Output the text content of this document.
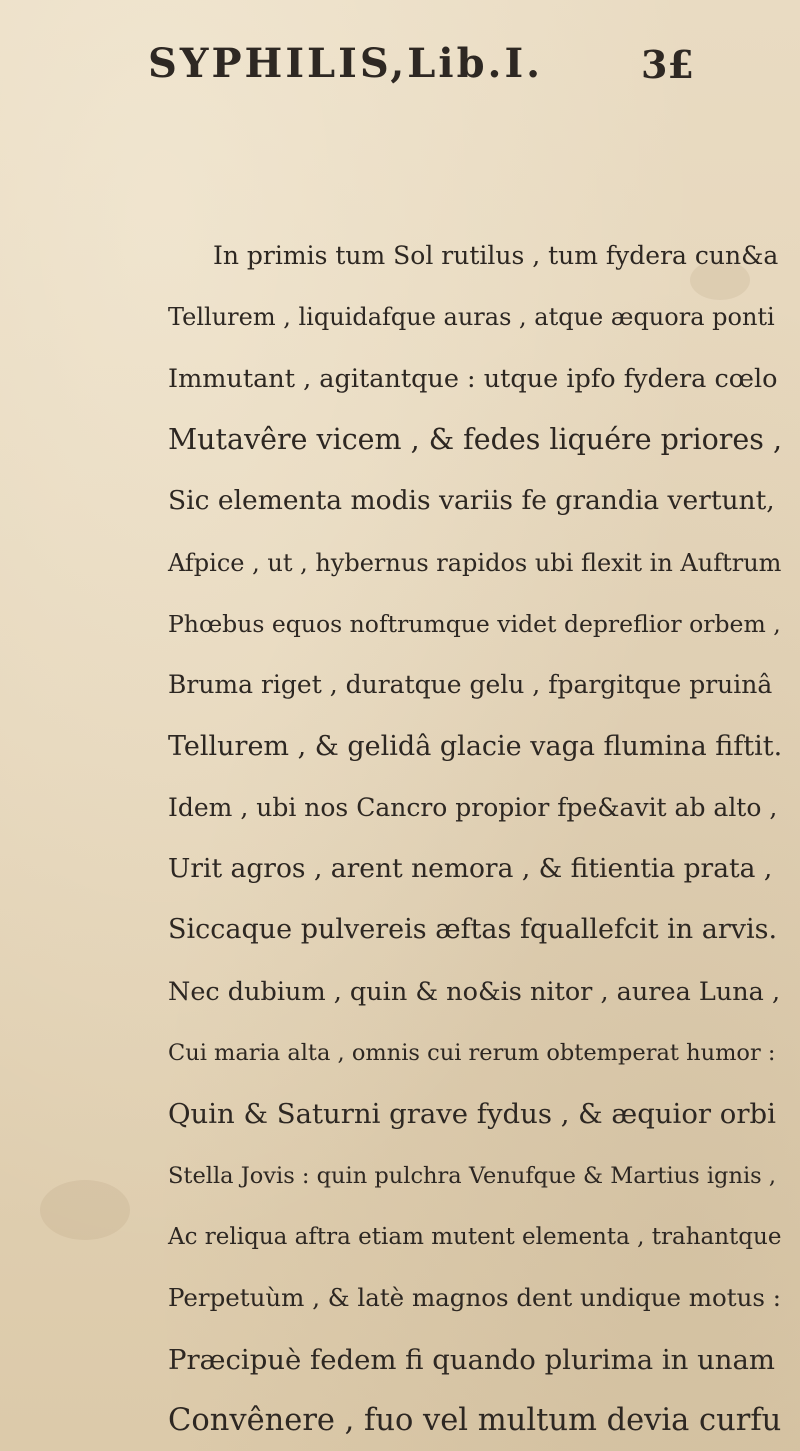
SYPHILIS,Lib.I.	3£
In primis tum Sol rutilus , tum fydera cun&a
Tellurem , liquidafque auras , atque æquora ponti
Immutant , agitantque : utque ipfo fydera cœlo
Mutavêre vicem , & fedes liquére priores ,
Sic elementa modis variis fe grandia vertunt,
Afpice , ut , hybernus rapidos ubi flexit in Auftrum
Phœbus equos noftrumque videt depreflior orbem ,
Bruma riget , duratque gelu , fpargitque pruinâ
Tellurem , & gelidâ glacie vaga flumina fiftit.
Idem , ubi nos Cancro propior fpe&avit ab alto ,
Urit agros , arent nemora , & fitientia prata ,
Siccaque pulvereis æftas fquallefcit in arvis.
Nec dubium , quin & no&is nitor , aurea Luna ,
Cui maria alta , omnis cui rerum obtemperat humor :
Quin & Saturni grave fydus , & æquior orbi
Stella Jovis : quin pulchra Venufque & Martius ignis ,
Ac reliqua aftra etiam mutent elementa , trahantque
Perpetuùm , & latè magnos dent undique motus :
Præcipuè fedem fi quando plurima in unam
Convênere , fuo vel multum devia curfu
